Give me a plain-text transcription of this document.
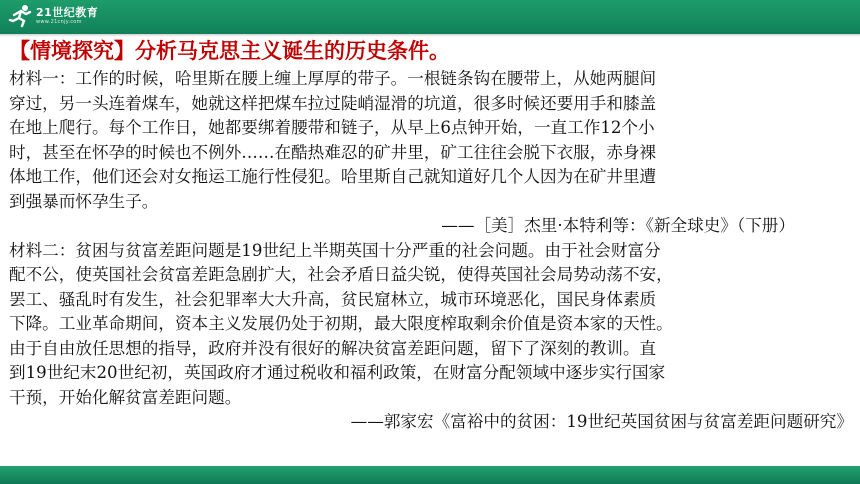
21世纪教育
www.21cnjy.com
【情境探究】分析马克思主义诞生的历史条件。
材料一：工作的时候，哈里斯在腰上缠上厚厚的带子。一根链条钩在腰带上，从她两腿间
穿过，另一头连着煤车，她就这样把煤车拉过陡峭湿滑的坑道，很多时候还要用手和膝盖
在地上爬行。每个工作日，她都要绑着腰带和链子，从早上6点钟开始，一直工作12个小
时，甚至在怀孕的时候也不例外……在酷热难忍的矿井里，矿工往往会脱下衣服，赤身裸
体地工作，他们还会对女拖运工施行性侵犯。哈里斯自己就知道好几个人因为在矿井里遭
到强暴而怀孕生子。
——［美］杰里·本特利等：《新全球史》（下册）
材料二：贫困与贫富差距问题是19世纪上半期英国十分严重的社会问题。由于社会财富分
配不公，使英国社会贫富差距急剧扩大，社会矛盾日益尖锐，使得英国社会局势动荡不安，
罢工、骚乱时有发生，社会犯罪率大大升高，贫民窟林立，城市环境恶化，国民身体素质
下降。工业革命期间，资本主义发展仍处于初期，最大限度榨取剩余价值是资本家的天性。
由于自由放任思想的指导，政府并没有很好的解决贫富差距问题，留下了深刻的教训。直
到19世纪末20世纪初，英国政府才通过税收和福利政策，在财富分配领域中逐步实行国家
干预，开始化解贫富差距问题。
——郭家宏《富裕中的贫困：19世纪英国贫困与贫富差距问题研究》
